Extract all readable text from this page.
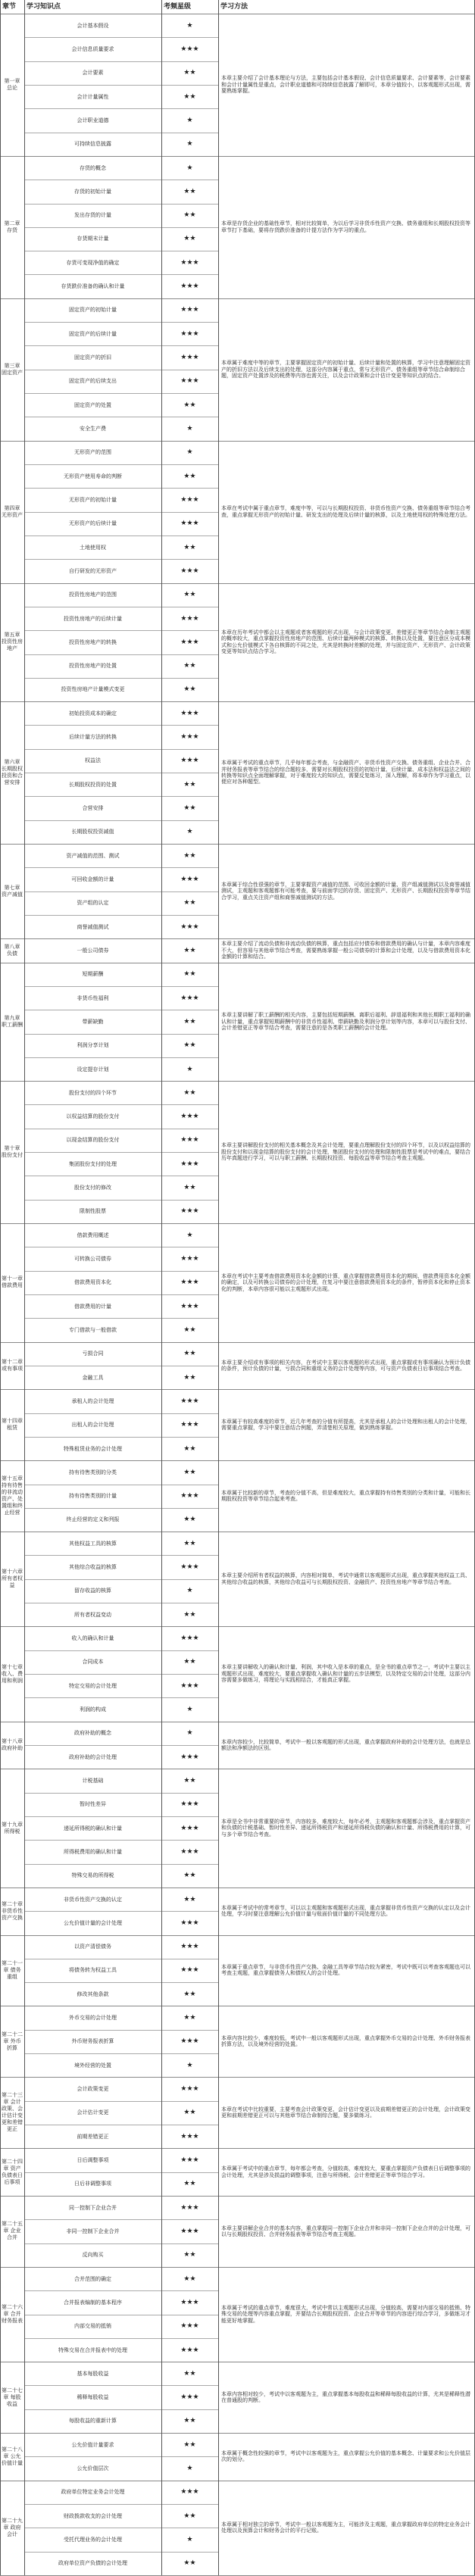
章节	学习知识点	考频星级	学习方法
第一章 总论
会计基本假设	★
会计信息质量要求	★★★
会计要素	★★
会计计量属性	★★
会计职业道德	★
可持续信息披露	★
本章主要介绍了会计基本理论与方法，主要包括会计基本假设、会计信息质量要求、会计要素等，会计要素和会计计量属性是重点，会计职业道德和可持续信息披露了解即可，本章分值较小，以客观题形式出现，需要熟练掌握。
第二章 存货
存货的概念	★
存货的初始计量	★★
发出存货的计量	★★
存货期末计量	★★
存货可变现净值的确定	★★★
存货跌价准备的确认和计量	★★★
本章是存货企业的基础性章节，相对比较简单，为以后学习非货币性资产交换、债务重组和长期股权投资等章节打下基础，要将存货跌价准备的计提方法作为学习的重点。
第三章 固定资产
固定资产的初始计量	★★★
固定资产的后续计量	★★★
固定资产的折旧	★★★
固定资产的后续支出	★★★
固定资产的处置	★★
安全生产费	★
本章属于难度中等的章节，主要掌握固定资产的初始计量、后续计量和处置的核算，学习中注意理解固定资产的折旧方法以及后续支出的处理，这部分内容属于重点，常与无形资产、债务重组等章节结合命制综合题，固定资产处置涉及的税费等内容也需关注，以及会计政策和会计估计变更等知识点的结合。
第四章 无形资产
无形资产的范围	★
无形资产使用寿命的判断	★★
无形资产的初始计量	★★★
无形资产的后续计量	★★★
土地使用权	★★
自行研发的无形资产	★★★
本章在考试中属于重点章节，难度中等，可以与长期股权投资、非货币性资产交换、债务重组等章节结合考查，重点掌握无形资产的初始计量、研发支出的处理及后续计量的核算，以及土地使用权的特殊处理方法。
第五章 投资性房地产
投资性房地产的范围	★★
投资性房地产的后续计量	★★★
投资性房地产的转换	★★★
投资性房地产的处置	★★
投资性房地产计量模式变更	★★
本章在历年考试中都会以主观题或者客观题的形式出现，与会计政策变更、差错更正等章节结合命制主观题的概率较大，重点掌握投资性房地产的范围、后续计量两种模式的核算、转换以及处置，要注意区分成本模式和公允价值模式下各自核算的不同之处，尤其是转换时差额的处理，并与固定资产、无形资产、会计政策变更等知识点结合学习。
第六章 长期股权投资和合营安排
初始投资成本的确定	★★★
后续计量方法的转换	★★★
权益法	★★★
长期股权投资的处置	★★
合营安排	★★
长期股权投资减值	★
本章属于考试的重点章节，几乎每年都会考查，与金融资产、非货币性资产交换、债务重组、企业合并、合并财务报表等章节结合的综合题较多，需要对长期股权投资的初始计量、后续计量、成本法和权益法之间的转换等知识点全面理解掌握，对于难度较大的知识点，需要反复练习，深入理解，将本章作为学习重点，以便应对各种题型。
第七章 资产减值
资产减值的范围、测试	★★
可回收金额的计量	★★★
资产组的认定	★★
商誉减值测试	★★★
本章属于综合性很强的章节，主要掌握资产减值的范围、可收回金额的计量、资产组减值测试以及商誉减值测试，主观题和客观题都有可能考查，要与前面学过的存货、固定资产、无形资产、长期股权投资等章节结合学习，重点关注资产组和商誉减值测试的方法。
第八章 负债	一般公司债券	★★
本章主要介绍了流动负债和非流动负债的核算，重点包括应付债券和借款费用的确认与计量，本章内容难度不大，但容易与其他章节结合考查，需要熟练掌握一般公司债券的计算和会计处理，以及与借款费用资本化金额的计算和结合。
第九章 职工薪酬
短期薪酬	★★
非货币性福利	★★★
带薪缺勤	★★
利润分享计划	★★
设定提存计划	★
本章主要讲解了职工薪酬的相关内容，主要包括短期薪酬、离职后福利、辞退福利和其他长期职工福利的确认和计量，重点掌握短期薪酬中的非货币性福利、带薪缺勤及利润分享计划等内容，本章可以与股份支付、会计差错更正等章节结合考查，需要注意的是各类职工薪酬的会计处理。
第十章 股份支付
股份支付的四个环节	★★
以权益结算的股份支付	★★★
以现金结算的股份支付	★★★
集团股份支付的处理	★★★
股份支付的修改	★★
限制性股票	★★★
本章主要讲解股份支付的相关基本概念及其会计处理，要重点理解股份支付的四个环节，以及以权益结算的股份支付和以现金结算的股份支付的会计处理，集团股份支付的处理和限制性股票是考试中的难点，要结合历年真题进行学习，可以与职工薪酬、长期股权投资、每股收益等章节结合考查主观题。
第十一章 借款费用
借款费用概述	★
可转换公司债券	★★★
借款费用资本化	★★★
借款费用的计量	★★★
专门借款与一般借款	★★
本章在考试中主要考查借款费用资本化金额的计算，重点掌握借款费用资本化的期间、借款费用资本化金额的确定，以及可转换公司债券的会计处理，在复习中要注意借款费用资本化的条件，暂停资本化和停止资本化的判断，本章内容很可能以主观题形式出现。
第十二章 或有事项
亏损合同	★★
金融工具	★★
本章主要介绍或有事项的相关内容，在考试中主要以客观题的形式出现，重点掌握或有事项确认为预计负债的条件，预计负债的计量，亏损合同和重组义务的会计处理等内容，可与资产负债表日后事项结合考查。
第十四章 租赁
承租人的会计处理	★★★
出租人的会计处理	★★★
特殊租赁业务的会计处理	★★
本章属于有较高难度的章节，近几年考查的分值有所提高，尤其是承租人的会计处理和出租人的会计处理，需要重点掌握，学习中要注意结合例题，弄清楚相关原理，做到熟练掌握。
第十五章 持有待售的非流动资产、处置组和终止经营
持有待售类别的分类	★★
持有待售类别的计量	★★★
终止经营的定义和列报	★★
本章属于比较新的章节，考查的分值不高，但是难度较大，重点掌握持有待售类别的分类和计量，可能和长期股权投资等章节结合起来考查。
第十六章 所有者权益
其他权益工具的核算	★★
其他综合收益的核算	★★★
留存收益的核算	★
所有者权益变动	★★
本章主要介绍所有者权益的核算，内容相对简单，考试中通常以客观题形式出现，重点掌握其他权益工具、其他综合收益的核算，其他综合收益可与长期股权投资、金融资产、投资性房地产等章节结合考查。
第十七章 收入、费用和利润
收入的确认和计量	★★★
合同成本	★★
特定交易的会计处理	★★★
利润的构成	★
本章主要讲解收入的确认和计量、利润，其中收入是本章的重点，是全书的重点章节之一，考试中主要以主观题形式出现，难度较大，要重点掌握收入确认和计量的五步法模型，以及特定交易的会计处理，这部分内容需要多做练习，将理论与实践相结合，才能真正掌握。
第十八章 政府补助
政府补助的概念	★
政府补助的会计处理	★★★
本章内容较少，比较简单，考试中一般以客观题的形式出现，重点掌握政府补助的会计处理方法，也就是总额法和净额法的区别。
第十九章 所得税
计税基础	★★
暂时性差异	★★★
递延所得税的确认和计量	★★★
所得税费用的确认和计量	★★★
特殊交易的所得税	★★
本章是全书中非常重要的章节，内容较多，难度较大，每年必考，主观题和客观题都会涉及，重点掌握资产和负债的计税基础、暂时性差异、递延所得税资产和递延所得税负债的确认和计量、所得税费用的计算，可与多个章节结合考查。
第二十章 非货币性资产交换
非货币性资产交换的认定	★★
公允价值计量的会计处理	★★★
本章属于考试中的常考章节，可以以主观题和客观题形式出现，重点掌握非货币性资产交换的认定以及会计处理，学习时要注意理解公允价值计量与账面价值计量的不同处理方法。
第二十一章 债务重组
以资产清偿债务	★★★
将债务转为权益工具	★★★
修改其他条款	★★
本章属于重点章节，与非货币性资产交换、金融工具等章节结合较为紧密，考试中既可以考查客观题也可以考查主观题，重点掌握债务人和债权人的会计处理。
第二十二章 外币折算
外币交易的会计处理	★★
外币财务报表折算	★★★
境外经营的处置	★
本章内容比较少，难度较低，考试中一般以客观题形式出现，重点掌握外币交易的会计处理、外币财务报表折算方法，以及境外经营的处置。
第二十三章 会计政策、会计估计变更和差错更正
会计政策变更	★★★
会计估计变更	★★
前期差错更正	★★★
本章在考试中比较重要，主要考查会计政策变更、会计估计变更以及前期差错更正的会计处理，会计政策变更和前期差错更正可以与其他章节结合命制综合题，要多做练习。
第二十四章 资产负债表日后事项
日后调整事项	★★★
日后非调整事项	★★
本章属于考试中的重点章节，每年都会考查，分值较高，难度较大，要重点掌握资产负债表日后调整事项的会计处理，尤其是涉及损益的调整事项，注意与所得税、会计差错更正等章节结合学习。
第二十五章 企业合并
同一控制下企业合并	★★★
非同一控制下企业合并	★★★
反向购买	★★
本章主要讲解企业合并的基本内容，重点掌握同一控制下企业合并和非同一控制下企业合并的会计处理，可以与长期股权投资、合并财务报表等章节结合考查主观题。
第二十六章 合并财务报表
合并范围的确定	★★
合并报表编制的基本程序	★★★
内部交易的抵销	★★★
特殊交易在合并报表中的处理	★★★
本章属于考试的重点章节，难度很大，考试中常以主观题形式出现，分值较高，需要对内部交易的抵销、特殊交易的处理等内容重点掌握，并要结合长期股权投资、企业合并等章节的内容进行综合学习，多做练习才能更好地掌握。
第二十七章 每股收益
基本每股收益	★★
稀释每股收益	★★★
每股收益的重新计算	★★
本章内容相对较少，考试中以客观题为主，重点掌握基本每股收益和稀释每股收益的计算，尤其是稀释性潜在普通股的判断。
第二十八章 公允价值计量
公允价值计量要求	★★
公允价值层次	★
本章属于概念性较强的章节，考试中以客观题为主，重点掌握公允价值的基本概念、计量要求和公允价值层次的划分。
第二十九章 政府会计
政府单位特定业务会计处理	★★★
财政拨款收支的会计处理	★★
受托代理业务的会计处理	★
政府单位资产负债的会计处理	★★
本章属于相对独立的章节，考试中一般以客观题为主，可能涉及主观题，重点掌握政府单位的特定业务会计处理以及预算会计和财务会计的平行记账。
